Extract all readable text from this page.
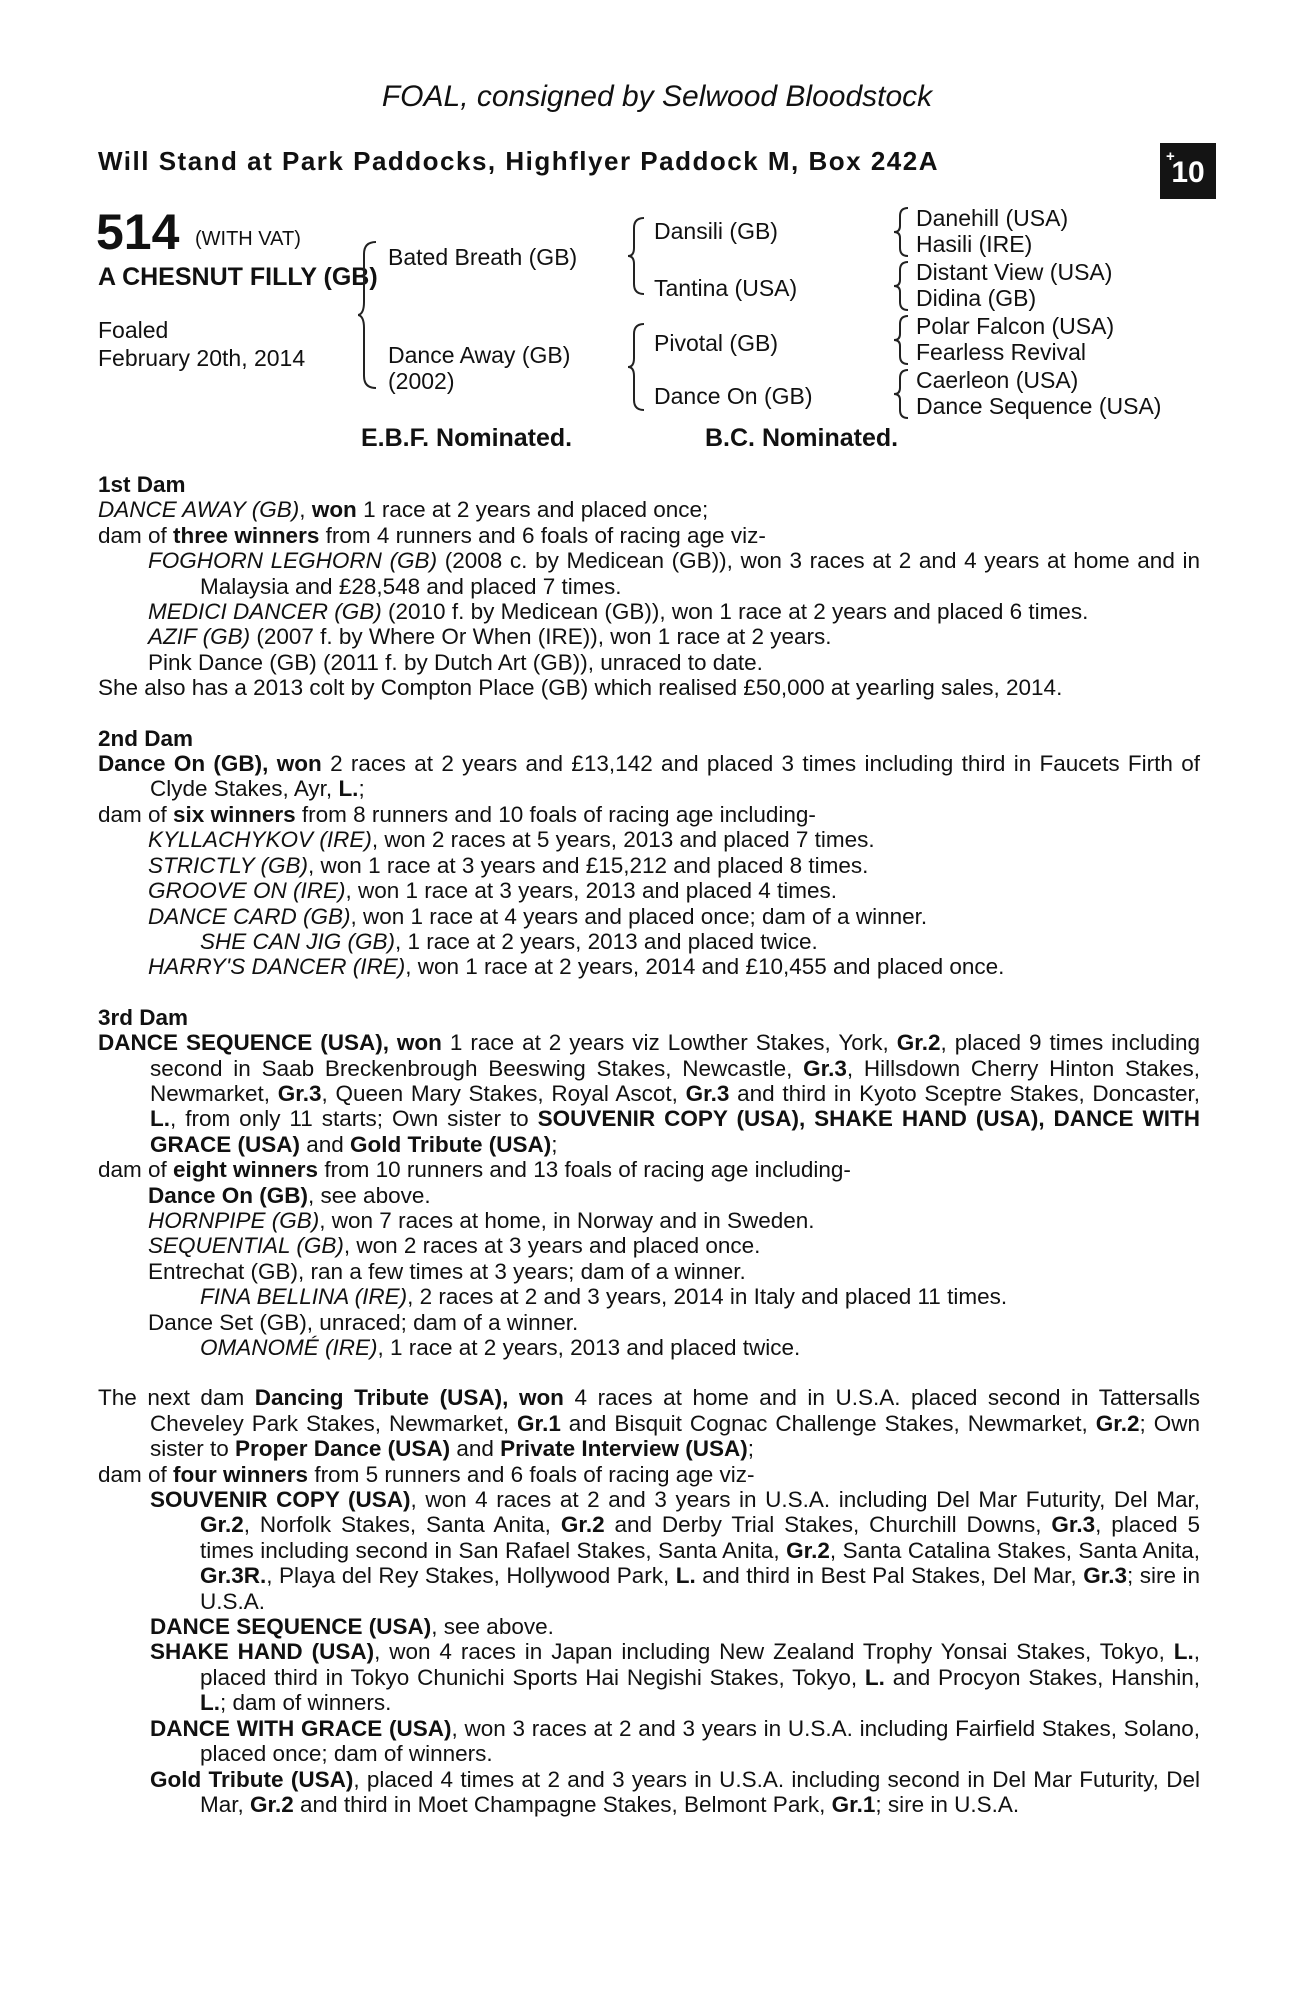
FOAL, consigned by Selwood Bloodstock
Will Stand at Park Paddocks, Highflyer Paddock M, Box 242A	+
10
514 (WITH VAT)
A CHESNUT FILLY (GB)
Foaled
February 20th, 2014
Bated Breath (GB)
Dance Away (GB)
(2002)
Dansili (GB)
Tantina (USA)
Pivotal (GB)
Dance On (GB)
Danehill (USA)
Hasili (IRE)
Distant View (USA)
Didina (GB)
Polar Falcon (USA)
Fearless Revival
Caerleon (USA)
Dance Sequence (USA)
E.B.F. Nominated.	B.C. Nominated.

1st Dam

DANCE AWAY (GB), won 1 race at 2 years and placed once;

dam of three winners from 4 runners and 6 foals of racing age viz-

FOGHORN LEGHORN (GB) (2008 c. by Medicean (GB)), won 3 races at 2 and 4 years at home and in Malaysia and £28,548 and placed 7 times.

MEDICI DANCER (GB) (2010 f. by Medicean (GB)), won 1 race at 2 years and placed 6 times.

AZIF (GB) (2007 f. by Where Or When (IRE)), won 1 race at 2 years.

Pink Dance (GB) (2011 f. by Dutch Art (GB)), unraced to date.

She also has a 2013 colt by Compton Place (GB) which realised £50,000 at yearling sales, 2014.

2nd Dam

Dance On (GB), won 2 races at 2 years and £13,142 and placed 3 times including third in Faucets Firth of Clyde Stakes, Ayr, L.;

dam of six winners from 8 runners and 10 foals of racing age including-

KYLLACHYKOV (IRE), won 2 races at 5 years, 2013 and placed 7 times.

STRICTLY (GB), won 1 race at 3 years and £15,212 and placed 8 times.

GROOVE ON (IRE), won 1 race at 3 years, 2013 and placed 4 times.

DANCE CARD (GB), won 1 race at 4 years and placed once; dam of a winner.

SHE CAN JIG (GB), 1 race at 2 years, 2013 and placed twice.

HARRY'S DANCER (IRE), won 1 race at 2 years, 2014 and £10,455 and placed once.

3rd Dam

DANCE SEQUENCE (USA), won 1 race at 2 years viz Lowther Stakes, York, Gr.2, placed 9 times including second in Saab Breckenbrough Beeswing Stakes, Newcastle, Gr.3, Hillsdown Cherry Hinton Stakes, Newmarket, Gr.3, Queen Mary Stakes, Royal Ascot, Gr.3 and third in Kyoto Sceptre Stakes, Doncaster, L., from only 11 starts; Own sister to SOUVENIR COPY (USA), SHAKE HAND (USA), DANCE WITH GRACE (USA) and Gold Tribute (USA);

dam of eight winners from 10 runners and 13 foals of racing age including-

Dance On (GB), see above.

HORNPIPE (GB), won 7 races at home, in Norway and in Sweden.

SEQUENTIAL (GB), won 2 races at 3 years and placed once.

Entrechat (GB), ran a few times at 3 years; dam of a winner.

FINA BELLINA (IRE), 2 races at 2 and 3 years, 2014 in Italy and placed 11 times.

Dance Set (GB), unraced; dam of a winner.

OMANOMÉ (IRE), 1 race at 2 years, 2013 and placed twice.

The next dam Dancing Tribute (USA), won 4 races at home and in U.S.A. placed second in Tattersalls Cheveley Park Stakes, Newmarket, Gr.1 and Bisquit Cognac Challenge Stakes, Newmarket, Gr.2; Own sister to Proper Dance (USA) and Private Interview (USA);

dam of four winners from 5 runners and 6 foals of racing age viz-

SOUVENIR COPY (USA), won 4 races at 2 and 3 years in U.S.A. including Del Mar Futurity, Del Mar, Gr.2, Norfolk Stakes, Santa Anita, Gr.2 and Derby Trial Stakes, Churchill Downs, Gr.3, placed 5 times including second in San Rafael Stakes, Santa Anita, Gr.2, Santa Catalina Stakes, Santa Anita, Gr.3R., Playa del Rey Stakes, Hollywood Park, L. and third in Best Pal Stakes, Del Mar, Gr.3; sire in U.S.A.

DANCE SEQUENCE (USA), see above.

SHAKE HAND (USA), won 4 races in Japan including New Zealand Trophy Yonsai Stakes, Tokyo, L., placed third in Tokyo Chunichi Sports Hai Negishi Stakes, Tokyo, L. and Procyon Stakes, Hanshin, L.; dam of winners.

DANCE WITH GRACE (USA), won 3 races at 2 and 3 years in U.S.A. including Fairfield Stakes, Solano, placed once; dam of winners.

Gold Tribute (USA), placed 4 times at 2 and 3 years in U.S.A. including second in Del Mar Futurity, Del Mar, Gr.2 and third in Moet Champagne Stakes, Belmont Park, Gr.1; sire in U.S.A.
